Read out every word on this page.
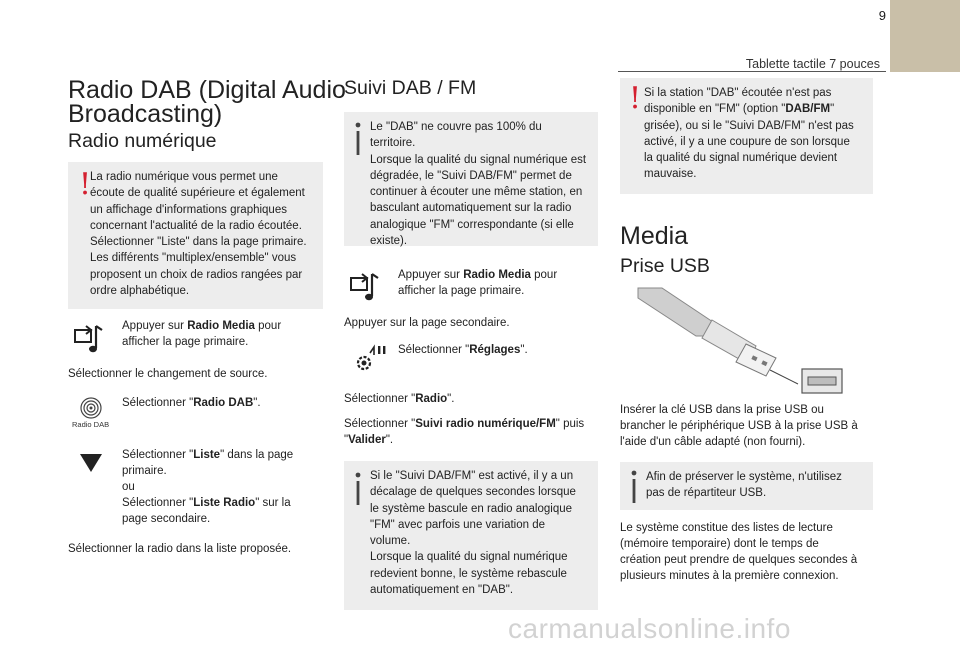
9
Tablette tactile 7 pouces
Radio DAB (Digital Audio
Broadcasting)
Radio numérique
!
La radio numérique vous permet une
écoute de qualité supérieure et également
un affichage d'informations graphiques
concernant l'actualité de la radio écoutée.
Sélectionner "Liste" dans la page primaire.
Les différents "multiplex/ensemble" vous
proposent un choix de radios rangées par
ordre alphabétique.
Appuyer sur Radio Media pour
afficher la page primaire.
Sélectionner le changement de source.
Radio DAB
Sélectionner "Radio DAB".
Sélectionner "Liste" dans la page
primaire.
ou
Sélectionner "Liste Radio" sur la
page secondaire.
Sélectionner la radio dans la liste proposée.
Suivi DAB / FM
Le "DAB" ne couvre pas 100% du
territoire.
Lorsque la qualité du signal numérique est
dégradée, le "Suivi DAB/FM" permet de
continuer à écouter une même station, en
basculant automatiquement sur la radio
analogique "FM" correspondante (si elle
existe).
Appuyer sur Radio Media pour
afficher la page primaire.
Appuyer sur la page secondaire.
Sélectionner "Réglages".
Sélectionner "Radio".
Sélectionner "Suivi radio numérique/FM" puis
"Valider".
Si le "Suivi DAB/FM" est activé, il y a un
décalage de quelques secondes lorsque
le système bascule en radio analogique
"FM" avec parfois une variation de
volume.
Lorsque la qualité du signal numérique
redevient bonne, le système rebascule
automatiquement en "DAB".
! Si la station "DAB" écoutée n'est pas
disponible en "FM" (option "DAB/FM"
grisée), ou si le "Suivi DAB/FM" n'est pas
activé, il y a une coupure de son lorsque
la qualité du signal numérique devient
mauvaise.
Media
Prise USB
Insérer la clé USB dans la prise USB ou
brancher le périphérique USB à la prise USB à
l'aide d'un câble adapté (non fourni).
Afin de préserver le système, n'utilisez
pas de répartiteur USB.
Le système constitue des listes de lecture
(mémoire temporaire) dont le temps de
création peut prendre de quelques secondes à
plusieurs minutes à la première connexion.
carmanualsonline.info
